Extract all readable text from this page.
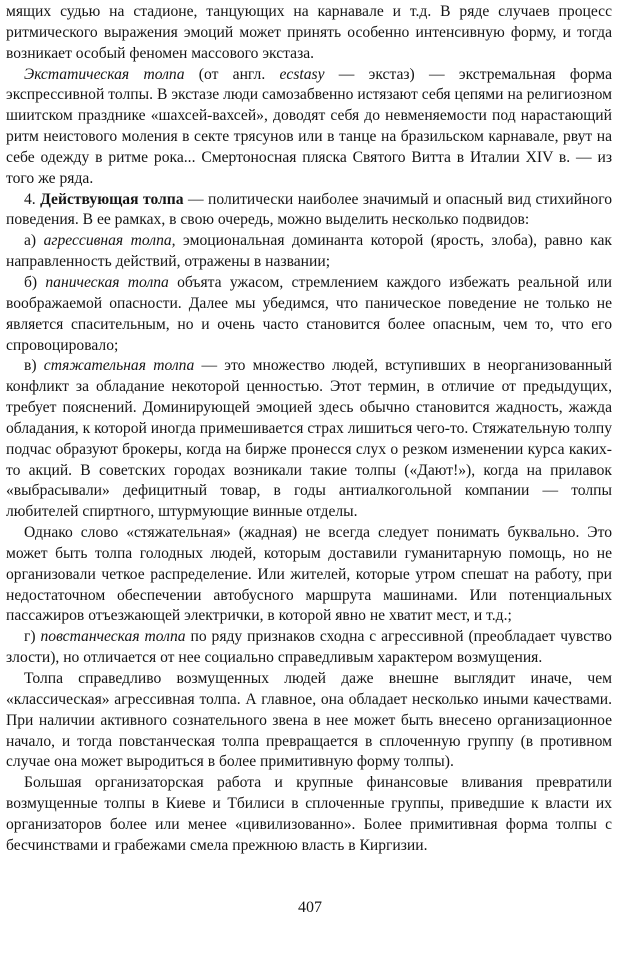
мящих судью на стадионе, танцующих на карнавале и т.д. В ряде случаев процесс ритмического выражения эмоций может принять особенно интенсивную форму, и тогда возникает особый феномен массового экстаза.

Экстатическая толпа (от англ. ecstasy — экстаз) — экстремальная форма экспрессивной толпы. В экстазе люди самозабвенно истязают себя цепями на религиозном шиитском празднике «шахсей-вахсей», доводят себя до невменяемости под нарастающий ритм неистового моления в секте трясунов или в танце на бразильском карнавале, рвут на себе одежду в ритме рока... Смертоносная пляска Святого Витта в Италии XIV в. — из того же ряда.

4. Действующая толпа — политически наиболее значимый и опасный вид стихийного поведения. В ее рамках, в свою очередь, можно выделить несколько подвидов:

а) агрессивная толпа, эмоциональная доминанта которой (ярость, злоба), равно как направленность действий, отражены в названии;

б) паническая толпа объята ужасом, стремлением каждого избежать реальной или воображаемой опасности. Далее мы убедимся, что паническое поведение не только не является спасительным, но и очень часто становится более опасным, чем то, что его спровоцировало;

в) стяжательная толпа — это множество людей, вступивших в неорганизованный конфликт за обладание некоторой ценностью. Этот термин, в отличие от предыдущих, требует пояснений. Доминирующей эмоцией здесь обычно становится жадность, жажда обладания, к которой иногда примешивается страх лишиться чего-то. Стяжательную толпу подчас образуют брокеры, когда на бирже пронесся слух о резком изменении курса каких-то акций. В советских городах возникали такие толпы («Дают!»), когда на прилавок «выбрасывали» дефицитный товар, в годы антиалкогольной компании — толпы любителей спиртного, штурмующие винные отделы.

Однако слово «стяжательная» (жадная) не всегда следует понимать буквально. Это может быть толпа голодных людей, которым доставили гуманитарную помощь, но не организовали четкое распределение. Или жителей, которые утром спешат на работу, при недостаточном обеспечении автобусного маршрута машинами. Или потенциальных пассажиров отъезжающей электрички, в которой явно не хватит мест, и т.д.;

г) повстанческая толпа по ряду признаков сходна с агрессивной (преобладает чувство злости), но отличается от нее социально справедливым характером возмущения.

Толпа справедливо возмущенных людей даже внешне выглядит иначе, чем «классическая» агрессивная толпа. А главное, она обладает несколько иными качествами. При наличии активного сознательного звена в нее может быть внесено организационное начало, и тогда повстанческая толпа превращается в сплоченную группу (в противном случае она может выродиться в более примитивную форму толпы).

Большая организаторская работа и крупные финансовые вливания превратили возмущенные толпы в Киеве и Тбилиси в сплоченные группы, приведшие к власти их организаторов более или менее «цивилизованно». Более примитивная форма толпы с бесчинствами и грабежами смела прежнюю власть в Киргизии.

407
